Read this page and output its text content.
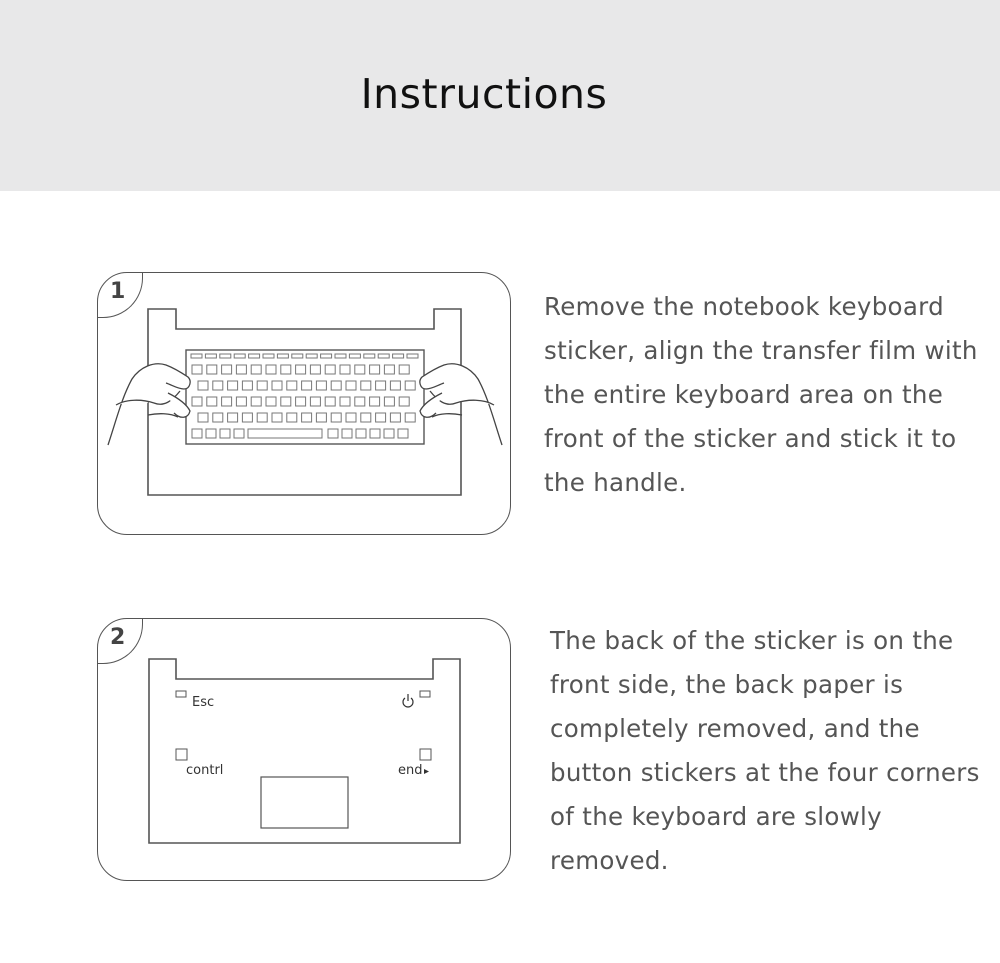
Instructions
1
Remove the notebook keyboard sticker, align the transfer film with the entire keyboard area on the front of the sticker and stick it to the handle.
Esc
contrl	end
2	The back of the sticker is on the front side, the back paper is completely removed, and the button stickers at the four corners of the keyboard are slowly removed.
